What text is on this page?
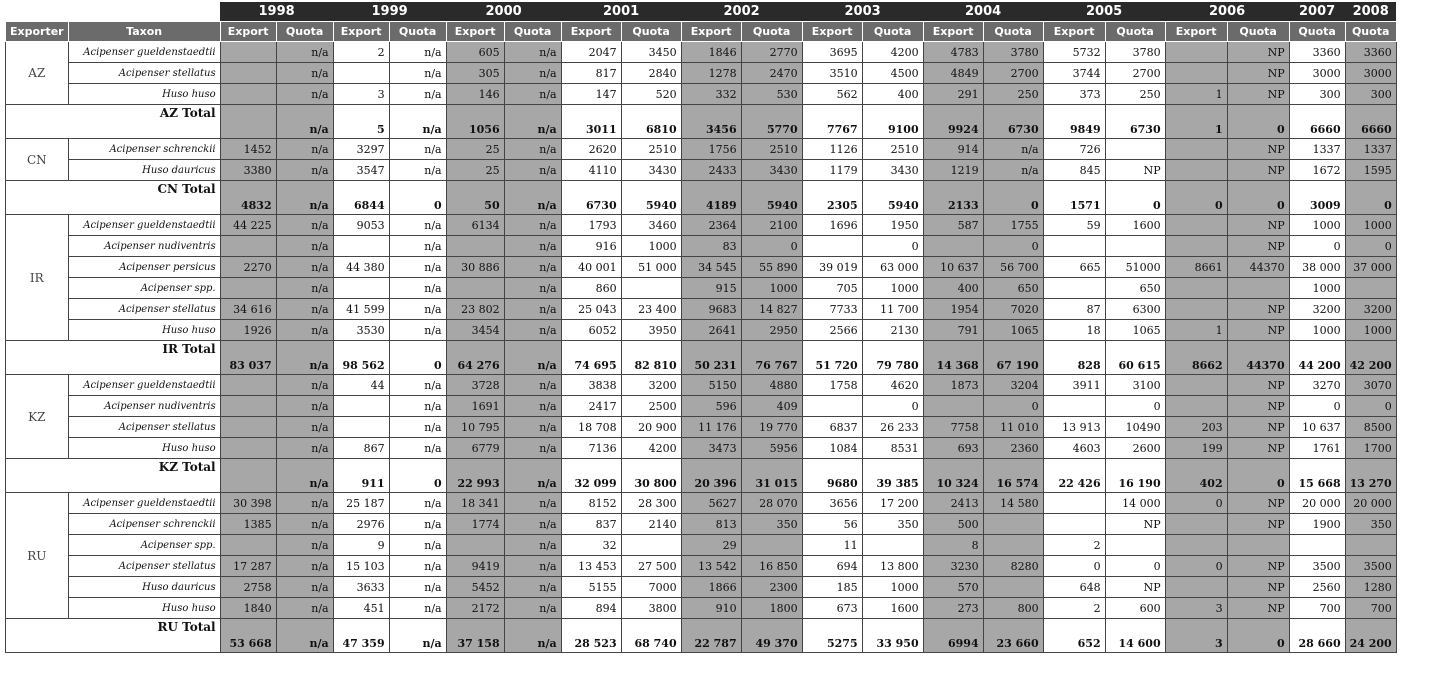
		1998		1999		2000		2001		2002		2003		2004		2005		2006		2007	2008
Exporter	Taxon	Export	Quota	Export	Quota	Export	Quota	Export	Quota	Export	Quota	Export	Quota	Export	Quota	Export	Quota	Export	Quota	Quota	Quota
AZ	Acipenser gueldenstaedtii		n/a	2	n/a	605	n/a	2047	3450	1846	2770	3695	4200	4783	3780	5732	3780		NP	3360	3360
	Acipenser stellatus		n/a		n/a	305	n/a	817	2840	1278	2470	3510	4500	4849	2700	3744	2700		NP	3000	3000
	Huso huso		n/a	3	n/a	146	n/a	147	520	332	530	562	400	291	250	373	250	1	NP	300	300
AZ Total			n/a	5	n/a	1056	n/a	3011	6810	3456	5770	7767	9100	9924	6730	9849	6730	1	0	6660	6660
CN	Acipenser schrenckii	1452	n/a	3297	n/a	25	n/a	2620	2510	1756	2510	1126	2510	914	n/a	726			NP	1337	1337
	Huso dauricus	3380	n/a	3547	n/a	25	n/a	4110	3430	2433	3430	1179	3430	1219	n/a	845	NP		NP	1672	1595
CN Total		4832	n/a	6844	0	50	n/a	6730	5940	4189	5940	2305	5940	2133	0	1571	0	0	0	3009	0
IR	Acipenser gueldenstaedtii	44 225	n/a	9053	n/a	6134	n/a	1793	3460	2364	2100	1696	1950	587	1755	59	1600		NP	1000	1000
	Acipenser nudiventris		n/a		n/a		n/a	916	1000	83	0		0		0				NP	0	0
	Acipenser persicus	2270	n/a	44 380	n/a	30 886	n/a	40 001	51 000	34 545	55 890	39 019	63 000	10 637	56 700	665	51000	8661	44370	38 000	37 000
	Acipenser spp.		n/a		n/a		n/a	860		915	1000	705	1000	400	650		650			1000	
	Acipenser stellatus	34 616	n/a	41 599	n/a	23 802	n/a	25 043	23 400	9683	14 827	7733	11 700	1954	7020	87	6300		NP	3200	3200
	Huso huso	1926	n/a	3530	n/a	3454	n/a	6052	3950	2641	2950	2566	2130	791	1065	18	1065	1	NP	1000	1000
IR Total		83 037	n/a	98 562	0	64 276	n/a	74 695	82 810	50 231	76 767	51 720	79 780	14 368	67 190	828	60 615	8662	44370	44 200	42 200
KZ	Acipenser gueldenstaedtii		n/a	44	n/a	3728	n/a	3838	3200	5150	4880	1758	4620	1873	3204	3911	3100		NP	3270	3070
	Acipenser nudiventris		n/a		n/a	1691	n/a	2417	2500	596	409		0		0		0		NP	0	0
	Acipenser stellatus		n/a		n/a	10 795	n/a	18 708	20 900	11 176	19 770	6837	26 233	7758	11 010	13 913	10490	203	NP	10 637	8500
	Huso huso		n/a	867	n/a	6779	n/a	7136	4200	3473	5956	1084	8531	693	2360	4603	2600	199	NP	1761	1700
KZ Total			n/a	911	0	22 993	n/a	32 099	30 800	20 396	31 015	9680	39 385	10 324	16 574	22 426	16 190	402	0	15 668	13 270
RU	Acipenser gueldenstaedtii	30 398	n/a	25 187	n/a	18 341	n/a	8152	28 300	5627	28 070	3656	17 200	2413	14 580		14 000	0	NP	20 000	20 000
	Acipenser schrenckii	1385	n/a	2976	n/a	1774	n/a	837	2140	813	350	56	350	500			NP		NP	1900	350
	Acipenser spp.		n/a	9	n/a		n/a	32		29		11		8		2					
	Acipenser stellatus	17 287	n/a	15 103	n/a	9419	n/a	13 453	27 500	13 542	16 850	694	13 800	3230	8280	0	0	0	NP	3500	3500
	Huso dauricus	2758	n/a	3633	n/a	5452	n/a	5155	7000	1866	2300	185	1000	570		648	NP		NP	2560	1280
	Huso huso	1840	n/a	451	n/a	2172	n/a	894	3800	910	1800	673	1600	273	800	2	600	3	NP	700	700
RU Total		53 668	n/a	47 359	n/a	37 158	n/a	28 523	68 740	22 787	49 370	5275	33 950	6994	23 660	652	14 600	3	0	28 660	24 200
